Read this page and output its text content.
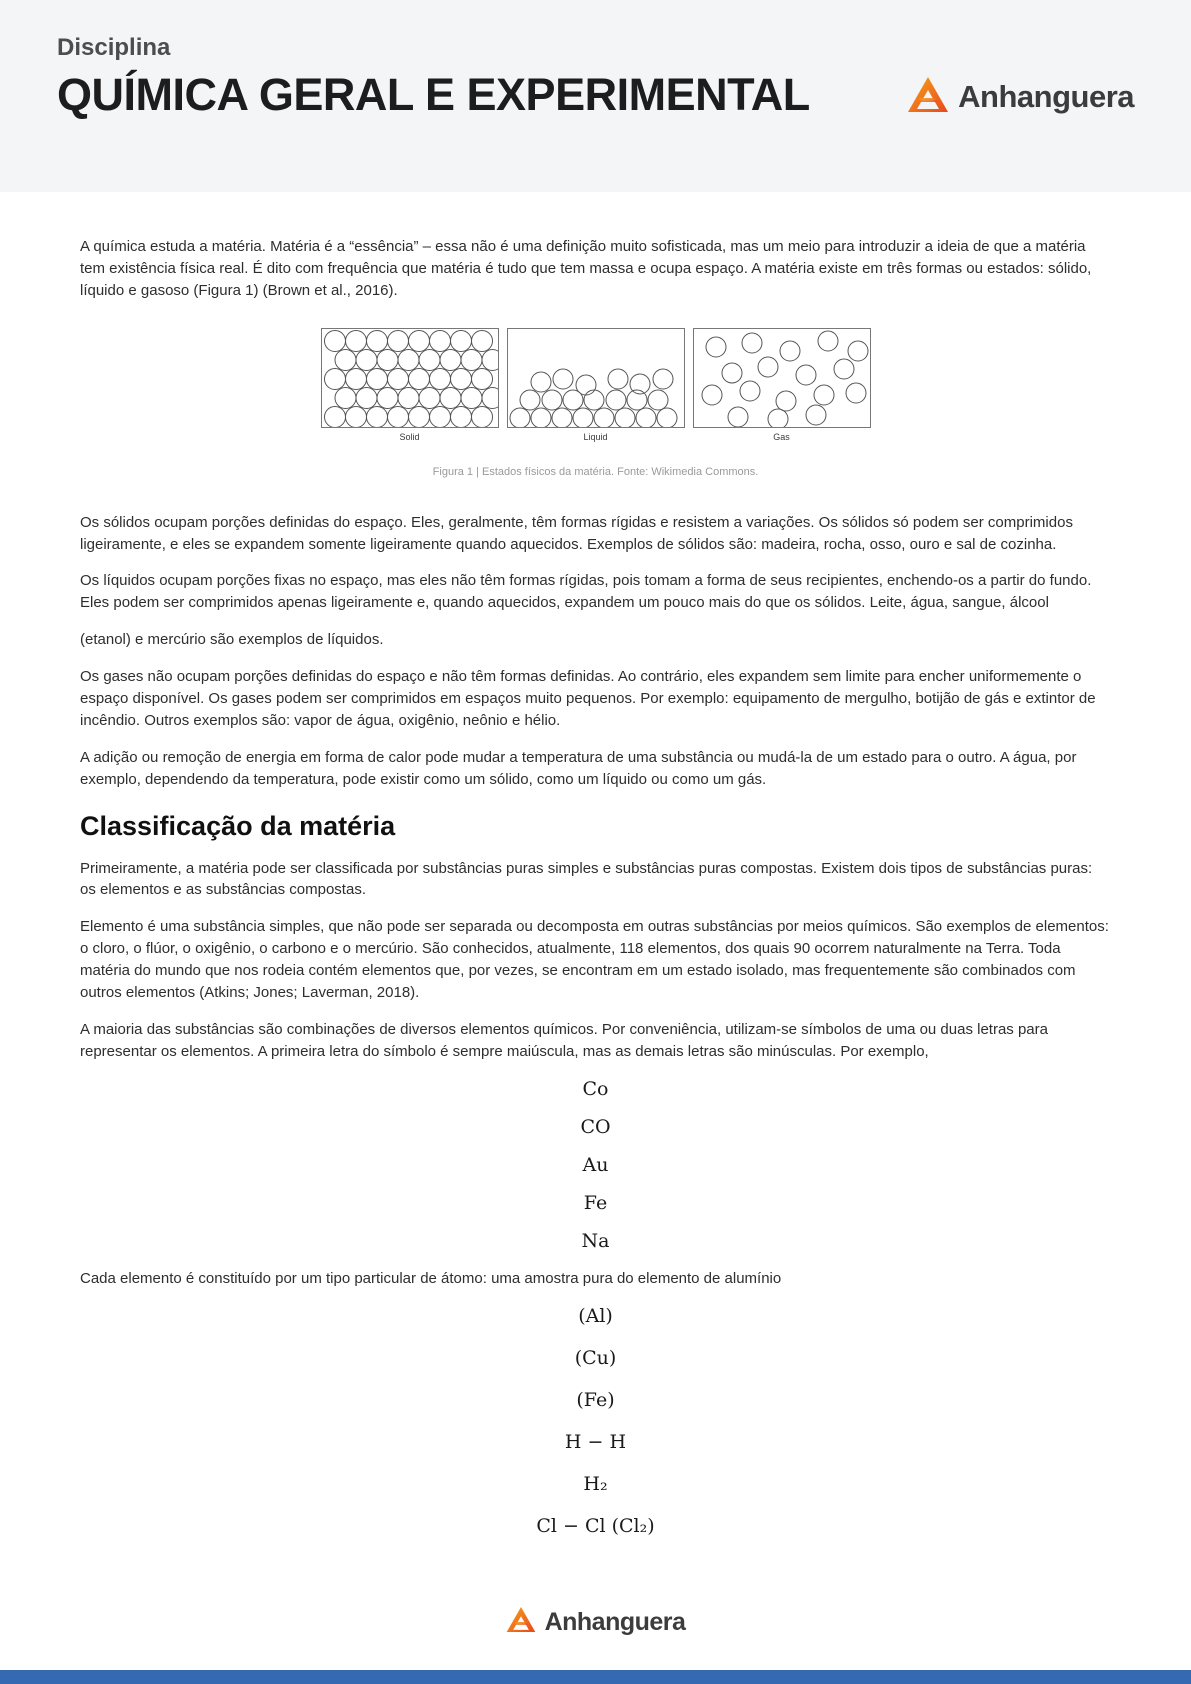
Disciplina
QUÍMICA GERAL E EXPERIMENTAL	Anhanguera

A química estuda a matéria. Matéria é a “essência” – essa não é uma definição muito sofisticada, mas um meio para introduzir a ideia de que a matéria tem existência física real. É dito com frequência que matéria é tudo que tem massa e ocupa espaço. A matéria existe em três formas ou estados: sólido, líquido e gasoso (Figura 1) (Brown et al., 2016).

Solid	Liquid	Gas
Figura 1 | Estados físicos da matéria. Fonte: Wikimedia Commons.

Os sólidos ocupam porções definidas do espaço. Eles, geralmente, têm formas rígidas e resistem a variações. Os sólidos só podem ser comprimidos ligeiramente, e eles se expandem somente ligeiramente quando aquecidos. Exemplos de sólidos são: madeira, rocha, osso, ouro e sal de cozinha.

Os líquidos ocupam porções fixas no espaço, mas eles não têm formas rígidas, pois tomam a forma de seus recipientes, enchendo-os a partir do fundo. Eles podem ser comprimidos apenas ligeiramente e, quando aquecidos, expandem um pouco mais do que os sólidos. Leite, água, sangue, álcool

(etanol) e mercúrio são exemplos de líquidos.

Os gases não ocupam porções definidas do espaço e não têm formas definidas. Ao contrário, eles expandem sem limite para encher uniformemente o espaço disponível. Os gases podem ser comprimidos em espaços muito pequenos. Por exemplo: equipamento de mergulho, botijão de gás e extintor de incêndio. Outros exemplos são: vapor de água, oxigênio, neônio e hélio.

A adição ou remoção de energia em forma de calor pode mudar a temperatura de uma substância ou mudá-la de um estado para o outro. A água, por exemplo, dependendo da temperatura, pode existir como um sólido, como um líquido ou como um gás.

Classificação da matéria

Primeiramente, a matéria pode ser classificada por substâncias puras simples e substâncias puras compostas. Existem dois tipos de substâncias puras: os elementos e as substâncias compostas.

Elemento é uma substância simples, que não pode ser separada ou decomposta em outras substâncias por meios químicos. São exemplos de elementos: o cloro, o flúor, o oxigênio, o carbono e o mercúrio. São conhecidos, atualmente, 118 elementos, dos quais 90 ocorrem naturalmente na Terra. Toda matéria do mundo que nos rodeia contém elementos que, por vezes, se encontram em um estado isolado, mas frequentemente são combinados com outros elementos (Atkins; Jones; Laverman, 2018).

A maioria das substâncias são combinações de diversos elementos químicos. Por conveniência, utilizam-se símbolos de uma ou duas letras para representar os elementos. A primeira letra do símbolo é sempre maiúscula, mas as demais letras são minúsculas. Por exemplo,

Co
CO
Au
Fe
Na

Cada elemento é constituído por um tipo particular de átomo: uma amostra pura do elemento de alumínio

(Al)
(Cu)
(Fe)
H − H
H₂
Cl − Cl (Cl₂)
Anhanguera
